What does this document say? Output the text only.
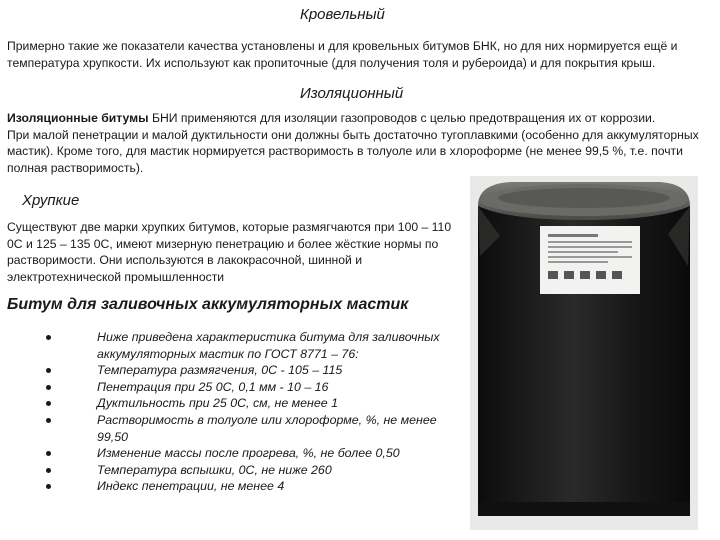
Кровельный
Примерно такие же показатели качества установлены и для кровельных битумов БНК, но для них нормируется ещё и температура хрупкости. Их используют как пропиточные (для получения толя и рубероида) и для покрытия крыш.
Изоляционный
Изоляционные битумы БНИ применяются для изоляции газопроводов с целью предотвращения их от коррозии.
При малой пенетрации и малой дуктильности они должны быть достаточно тугоплавкими (особенно для аккумуляторных мастик). Кроме того, для мастик нормируется растворимость в толуоле или в хлороформе (не менее 99,5 %, т.е. почти полная растворимость).
Хрупкие
Существуют две марки хрупких битумов, которые размягчаются при 100 – 110 0С и 125 – 135 0С, имеют мизерную пенетрацию и более жёсткие нормы по растворимости. Они используются в лакокрасочной, шинной и электротехнической промышленности
Битум для заливочных аккумуляторных мастик
Ниже приведена характеристика битума для заливочных аккумуляторных мастик по ГОСТ 8771 – 76:
Температура размягчения, 0С - 105 – 115
Пенетрация при 25 0С, 0,1 мм - 10 – 16
Дуктильность при 25 0С, см, не менее 1
Растворимость в толуоле или хлороформе, %, не менее 99,50
Изменение массы после прогрева, %, не более 0,50
Температура вспышки, 0С, не ниже 260
Индекс пенетрации, не менее 4
